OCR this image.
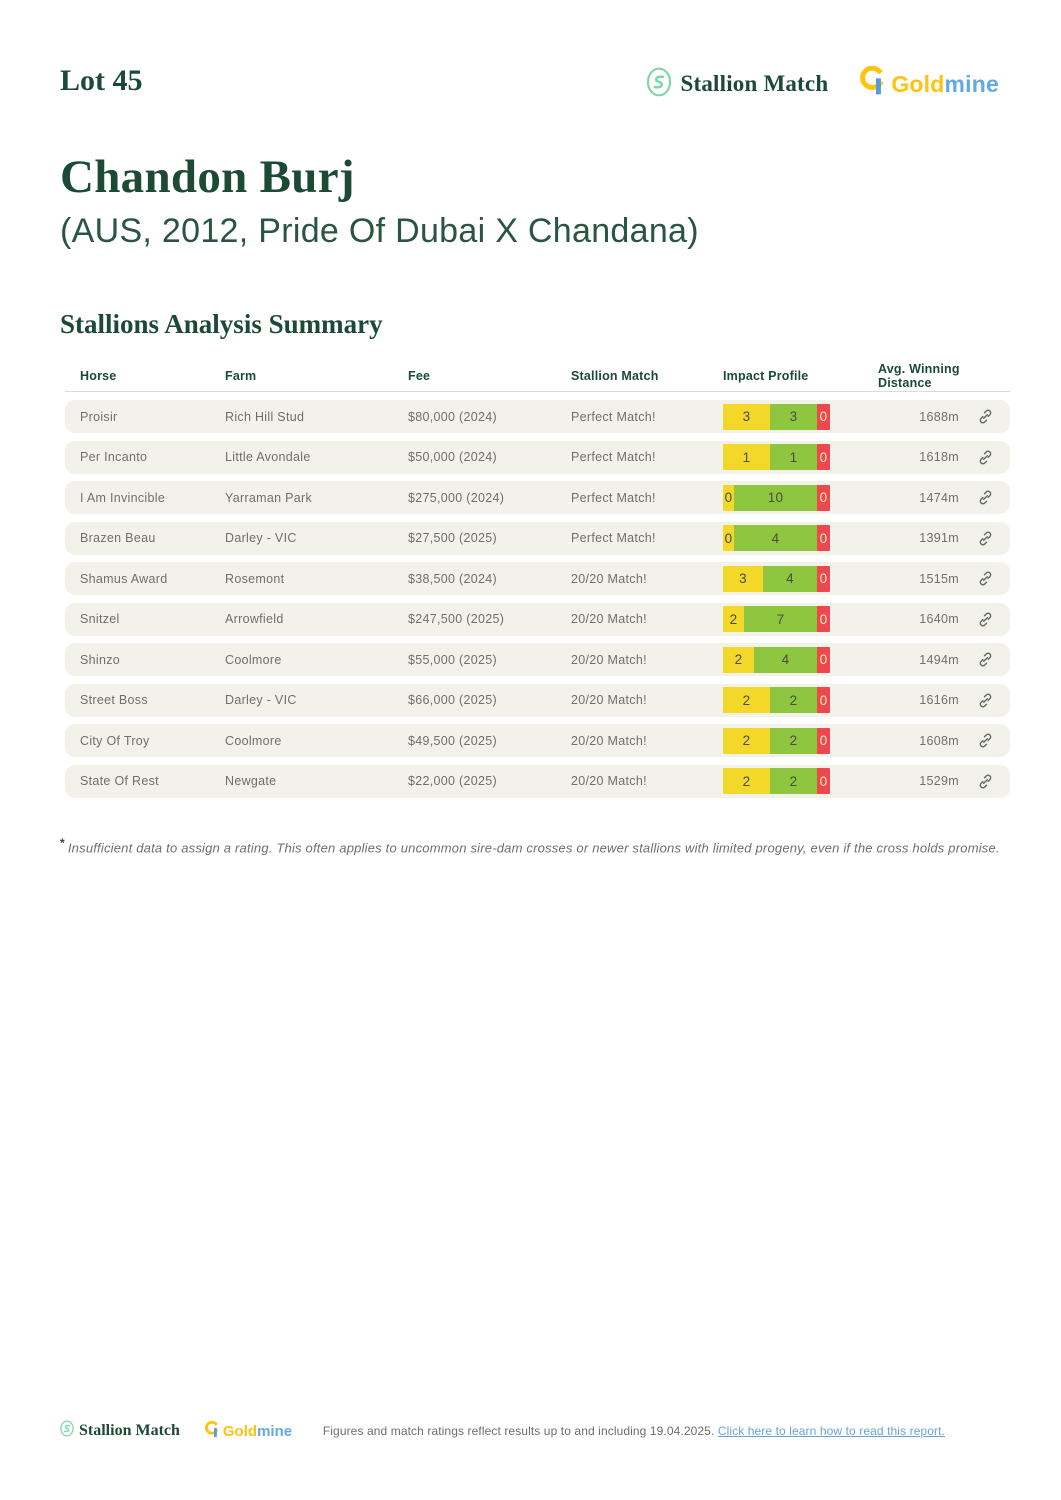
Lot 45	Stallion Match	Goldmine
Chandon Burj
(AUS, 2012, Pride Of Dubai X Chandana)
Stallions Analysis Summary
Horse	Farm	Fee	Stallion Match	Impact Profile	Avg. Winning Distance
Proisir	Rich Hill Stud	$80,000 (2024)	Perfect Match!	3	3	0	1688m
Per Incanto	Little Avondale	$50,000 (2024)	Perfect Match!	1	1	0	1618m
I Am Invincible	Yarraman Park	$275,000 (2024)	Perfect Match!	0	10	0	1474m
Brazen Beau	Darley - VIC	$27,500 (2025)	Perfect Match!	0	4	0	1391m
Shamus Award	Rosemont	$38,500 (2024)	20/20 Match!	3	4	0	1515m
Snitzel	Arrowfield	$247,500 (2025)	20/20 Match!	2	7	0	1640m
Shinzo	Coolmore	$55,000 (2025)	20/20 Match!	2	4	0	1494m
Street Boss	Darley - VIC	$66,000 (2025)	20/20 Match!	2	2	0	1616m
City Of Troy	Coolmore	$49,500 (2025)	20/20 Match!	2	2	0	1608m
State Of Rest	Newgate	$22,000 (2025)	20/20 Match!	2	2	0	1529m
* Insufficient data to assign a rating. This often applies to uncommon sire-dam crosses or newer stallions with limited progeny, even if the cross holds promise.
Stallion Match	Goldmine	Figures and match ratings reflect results up to and including 19.04.2025. Click here to learn how to read this report.
